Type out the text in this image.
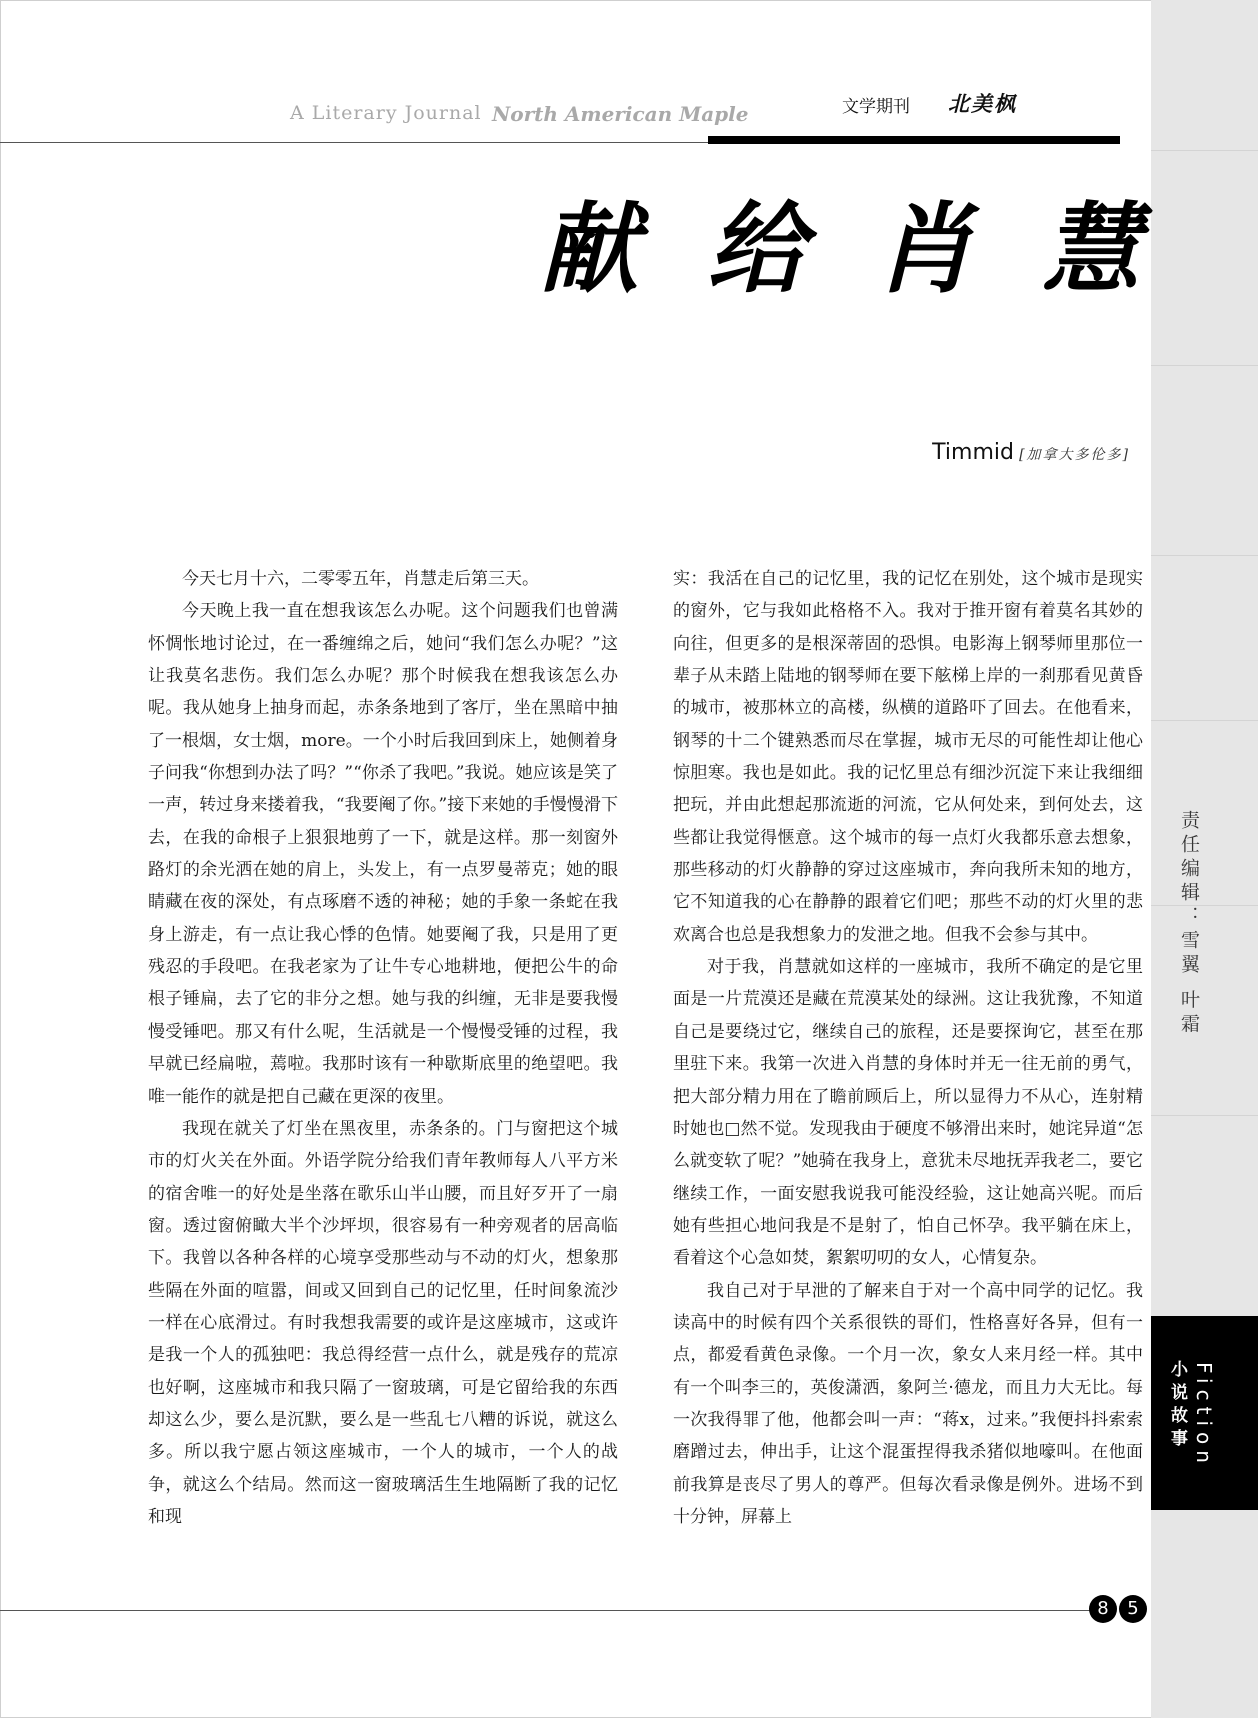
责任编辑：雪翼 叶霜
小说故事 Fiction
A Literary Journal North American Maple	文学期刊 北美枫
献 给 肖 慧
Timmid [加拿大多伦多]

今天七月十六，二零零五年，肖慧走后第三天。

今天晚上我一直在想我该怎么办呢。这个问题我们也曾满怀惆怅地讨论过，在一番缠绵之后，她问“我们怎么办呢？”这让我莫名悲伤。我们怎么办呢？那个时候我在想我该怎么办呢。我从她身上抽身而起，赤条条地到了客厅，坐在黑暗中抽了一根烟，女士烟，more。一个小时后我回到床上，她侧着身子问我“你想到办法了吗？”“你杀了我吧。”我说。她应该是笑了一声，转过身来搂着我，“我要阉了你。”接下来她的手慢慢滑下去，在我的命根子上狠狠地剪了一下，就是这样。那一刻窗外路灯的余光洒在她的肩上，头发上，有一点罗曼蒂克；她的眼睛藏在夜的深处，有点琢磨不透的神秘；她的手象一条蛇在我身上游走，有一点让我心悸的色情。她要阉了我，只是用了更残忍的手段吧。在我老家为了让牛专心地耕地，便把公牛的命根子锤扁，去了它的非分之想。她与我的纠缠，无非是要我慢慢受锤吧。那又有什么呢，生活就是一个慢慢受锤的过程，我早就已经扁啦，蔫啦。我那时该有一种歇斯底里的绝望吧。我唯一能作的就是把自己藏在更深的夜里。

我现在就关了灯坐在黑夜里，赤条条的。门与窗把这个城市的灯火关在外面。外语学院分给我们青年教师每人八平方米的宿舍唯一的好处是坐落在歌乐山半山腰，而且好歹开了一扇窗。透过窗俯瞰大半个沙坪坝，很容易有一种旁观者的居高临下。我曾以各种各样的心境享受那些动与不动的灯火，想象那些隔在外面的喧嚣，间或又回到自己的记忆里，任时间象流沙一样在心底滑过。有时我想我需要的或许是这座城市，这或许是我一个人的孤独吧：我总得经营一点什么，就是残存的荒凉也好啊，这座城市和我只隔了一窗玻璃，可是它留给我的东西却这么少，要么是沉默，要么是一些乱七八糟的诉说，就这么多。所以我宁愿占领这座城市，一个人的城市，一个人的战争，就这么个结局。然而这一窗玻璃活生生地隔断了我的记忆和现

实：我活在自己的记忆里，我的记忆在别处，这个城市是现实的窗外，它与我如此格格不入。我对于推开窗有着莫名其妙的向往，但更多的是根深蒂固的恐惧。电影海上钢琴师里那位一辈子从未踏上陆地的钢琴师在要下舷梯上岸的一刹那看见黄昏的城市，被那林立的高楼，纵横的道路吓了回去。在他看来，钢琴的十二个键熟悉而尽在掌握，城市无尽的可能性却让他心惊胆寒。我也是如此。我的记忆里总有细沙沉淀下来让我细细把玩，并由此想起那流逝的河流，它从何处来，到何处去，这些都让我觉得惬意。这个城市的每一点灯火我都乐意去想象，那些移动的灯火静静的穿过这座城市，奔向我所未知的地方，它不知道我的心在静静的跟着它们吧；那些不动的灯火里的悲欢离合也总是我想象力的发泄之地。但我不会参与其中。

对于我，肖慧就如这样的一座城市，我所不确定的是它里面是一片荒漠还是藏在荒漠某处的绿洲。这让我犹豫，不知道自己是要绕过它，继续自己的旅程，还是要探询它，甚至在那里驻下来。我第一次进入肖慧的身体时并无一往无前的勇气，把大部分精力用在了瞻前顾后上，所以显得力不从心，连射精时她也□然不觉。发现我由于硬度不够滑出来时，她诧异道“怎么就变软了呢？”她骑在我身上，意犹未尽地抚弄我老二，要它继续工作，一面安慰我说我可能没经验，这让她高兴呢。而后她有些担心地问我是不是射了，怕自己怀孕。我平躺在床上，看着这个心急如焚，絮絮叨叨的女人，心情复杂。

我自己对于早泄的了解来自于对一个高中同学的记忆。我读高中的时候有四个关系很铁的哥们，性格喜好各异，但有一点，都爱看黄色录像。一个月一次，象女人来月经一样。其中有一个叫李三的，英俊潇洒，象阿兰·德龙，而且力大无比。每一次我得罪了他，他都会叫一声：“蒋x，过来。”我便抖抖索索磨蹭过去，伸出手，让这个混蛋捏得我杀猪似地嚎叫。在他面前我算是丧尽了男人的尊严。但每次看录像是例外。进场不到十分钟，屏幕上

8	5
